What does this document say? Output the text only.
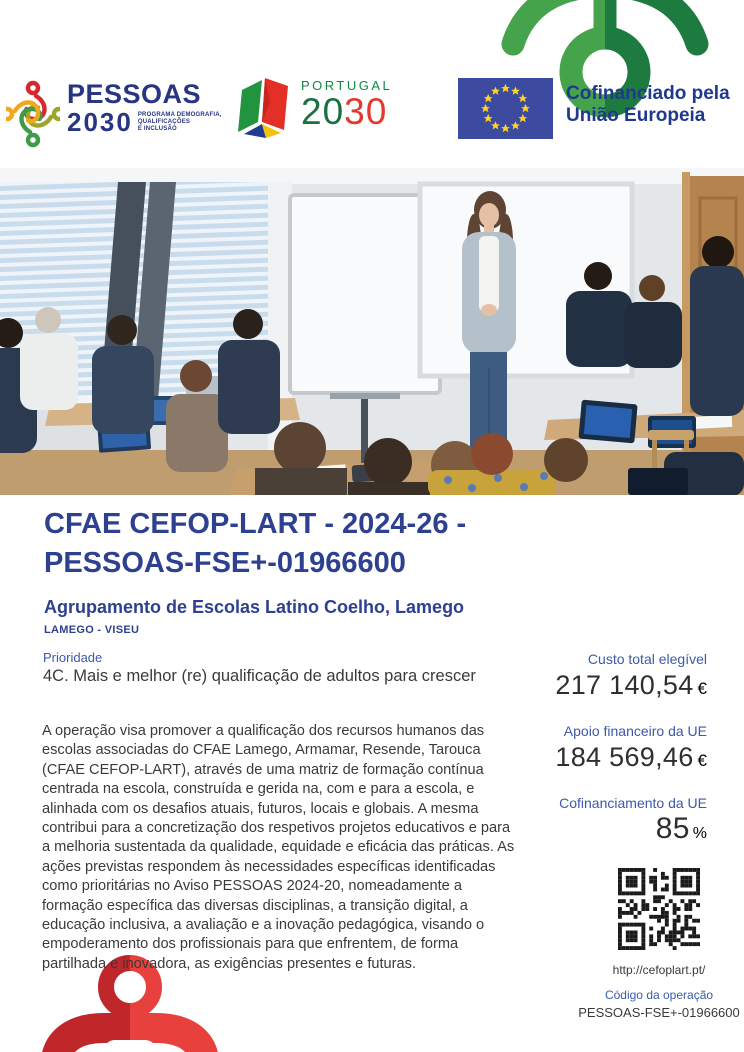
PESSOAS
2030 PROGRAMA DEMOGRAFIA,
QUALIFICAÇÕES
E INCLUSÃO
PORTUGAL
2030	Cofinanciado pela
União Europeia
CFAE CEFOP-LART - 2024-26 - PESSOAS-FSE+-01966600
Agrupamento de Escolas Latino Coelho, Lamego
LAMEGO - VISEU
Prioridade
4C. Mais e melhor (re) qualificação de adultos para crescer
A operação visa promover a qualificação dos recursos humanos das escolas associadas do CFAE Lamego, Armamar, Resende, Tarouca (CFAE CEFOP-LART), através de uma matriz de formação contínua centrada na escola, construída e gerida na, com e para a escola, e alinhada com os desafios atuais, futuros, locais e globais. A mesma contribui para a concretização dos respetivos projetos educativos e para a melhoria sustentada da qualidade, equidade e eficácia das práticas. As ações previstas respondem às necessidades específicas identificadas como prioritárias no Aviso PESSOAS 2024-20, nomeadamente a formação específica das diversas disciplinas, a transição digital, a educação inclusiva, a avaliação e a inovação pedagógica, visando o empoderamento dos profissionais para que enfrentem, de forma partilhada e inovadora, as exigências presentes e futuras.
Custo total elegível
217 140,54 €
Apoio financeiro da UE
184 569,46 €
Cofinanciamento da UE
85 %
http://cefoplart.pt/
Código da operação
PESSOAS-FSE+-01966600
